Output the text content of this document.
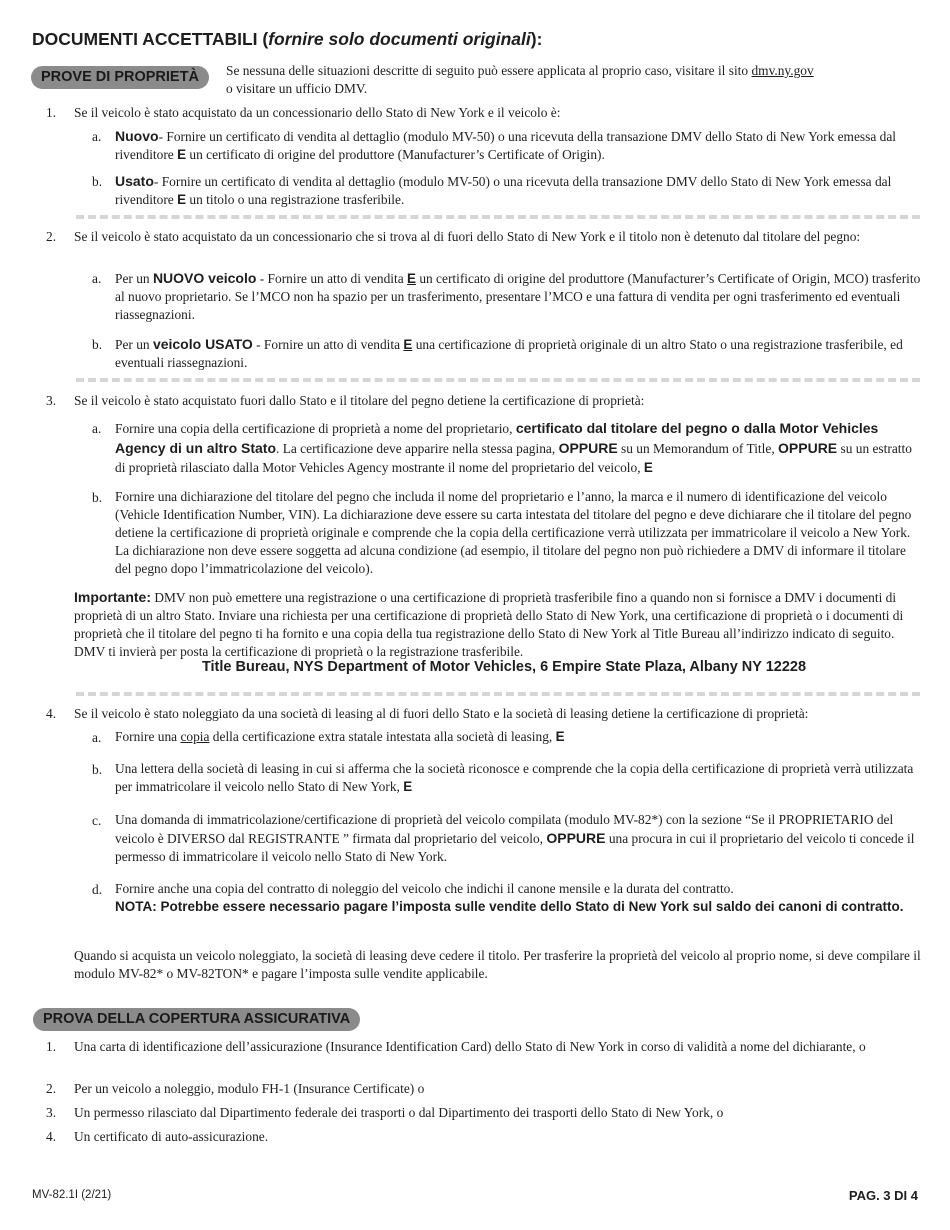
DOCUMENTI ACCETTABILI (fornire solo documenti originali):
PROVE DI PROPRIETÀ	Se nessuna delle situazioni descritte di seguito può essere applicata al proprio caso, visitare il sito dmv.ny.gov
o visitare un ufficio DMV.
1. Se il veicolo è stato acquistato da un concessionario dello Stato di New York e il veicolo è:
a. Nuovo- Fornire un certificato di vendita al dettaglio (modulo MV-50) o una ricevuta della transazione DMV dello Stato di New York emessa dal rivenditore E un certificato di origine del produttore (Manufacturer’s Certificate of Origin).
b. Usato- Fornire un certificato di vendita al dettaglio (modulo MV-50) o una ricevuta della transazione DMV dello Stato di New York emessa dal rivenditore E un titolo o una registrazione trasferibile.
2. Se il veicolo è stato acquistato da un concessionario che si trova al di fuori dello Stato di New York e il titolo non è detenuto dal titolare del pegno:
a. Per un NUOVO veicolo - Fornire un atto di vendita E un certificato di origine del produttore (Manufacturer’s Certificate of Origin, MCO) trasferito al nuovo proprietario. Se l’MCO non ha spazio per un trasferimento, presentare l’MCO e una fattura di vendita per ogni trasferimento ed eventuali riassegnazioni.
b. Per un veicolo USATO - Fornire un atto di vendita E una certificazione di proprietà originale di un altro Stato o una registrazione trasferibile, ed eventuali riassegnazioni.
3. Se il veicolo è stato acquistato fuori dallo Stato e il titolare del pegno detiene la certificazione di proprietà:
a. Fornire una copia della certificazione di proprietà a nome del proprietario, certificato dal titolare del pegno o dalla Motor Vehicles Agency di un altro Stato. La certificazione deve apparire nella stessa pagina, OPPURE su un Memorandum of Title, OPPURE su un estratto di proprietà rilasciato dalla Motor Vehicles Agency mostrante il nome del proprietario del veicolo, E
b. Fornire una dichiarazione del titolare del pegno che includa il nome del proprietario e l’anno, la marca e il numero di identificazione del veicolo (Vehicle Identification Number, VIN). La dichiarazione deve essere su carta intestata del titolare del pegno e deve dichiarare che il titolare del pegno detiene la certificazione di proprietà originale e comprende che la copia della certificazione verrà utilizzata per immatricolare il veicolo a New York. La dichiarazione non deve essere soggetta ad alcuna condizione (ad esempio, il titolare del pegno non può richiedere a DMV di informare il titolare del pegno dopo l’immatricolazione del veicolo).
Importante: DMV non può emettere una registrazione o una certificazione di proprietà trasferibile fino a quando non si fornisce a DMV i documenti di proprietà di un altro Stato. Inviare una richiesta per una certificazione di proprietà dello Stato di New York, una certificazione di proprietà o i documenti di proprietà che il titolare del pegno ti ha fornito e una copia della tua registrazione dello Stato di New York al Title Bureau all’indirizzo indicato di seguito. DMV ti invierà per posta la certificazione di proprietà o la registrazione trasferibile.
Title Bureau, NYS Department of Motor Vehicles, 6 Empire State Plaza, Albany NY 12228
4. Se il veicolo è stato noleggiato da una società di leasing al di fuori dello Stato e la società di leasing detiene la certificazione di proprietà:
a. Fornire una copia della certificazione extra statale intestata alla società di leasing, E
b. Una lettera della società di leasing in cui si afferma che la società riconosce e comprende che la copia della certificazione di proprietà verrà utilizzata per immatricolare il veicolo nello Stato di New York, E
c. Una domanda di immatricolazione/certificazione di proprietà del veicolo compilata (modulo MV-82*) con la sezione “Se il PROPRIETARIO del veicolo è DIVERSO dal REGISTRANTE ” firmata dal proprietario del veicolo, OPPURE una procura in cui il proprietario del veicolo ti concede il permesso di immatricolare il veicolo nello Stato di New York.
d. Fornire anche una copia del contratto di noleggio del veicolo che indichi il canone mensile e la durata del contratto.
NOTA: Potrebbe essere necessario pagare l’imposta sulle vendite dello Stato di New York sul saldo dei canoni di contratto.
Quando si acquista un veicolo noleggiato, la società di leasing deve cedere il titolo. Per trasferire la proprietà del veicolo al proprio nome, si deve compilare il modulo MV-82* o MV-82TON* e pagare l’imposta sulle vendite applicabile.
PROVA DELLA COPERTURA ASSICURATIVA
1. Una carta di identificazione dell’assicurazione (Insurance Identification Card) dello Stato di New York in corso di validità a nome del dichiarante, o
2. Per un veicolo a noleggio, modulo FH-1 (Insurance Certificate) o
3. Un permesso rilasciato dal Dipartimento federale dei trasporti o dal Dipartimento dei trasporti dello Stato di New York, o
4. Un certificato di auto-assicurazione.
MV-82.1I (2/21)	PAG. 3 DI 4
